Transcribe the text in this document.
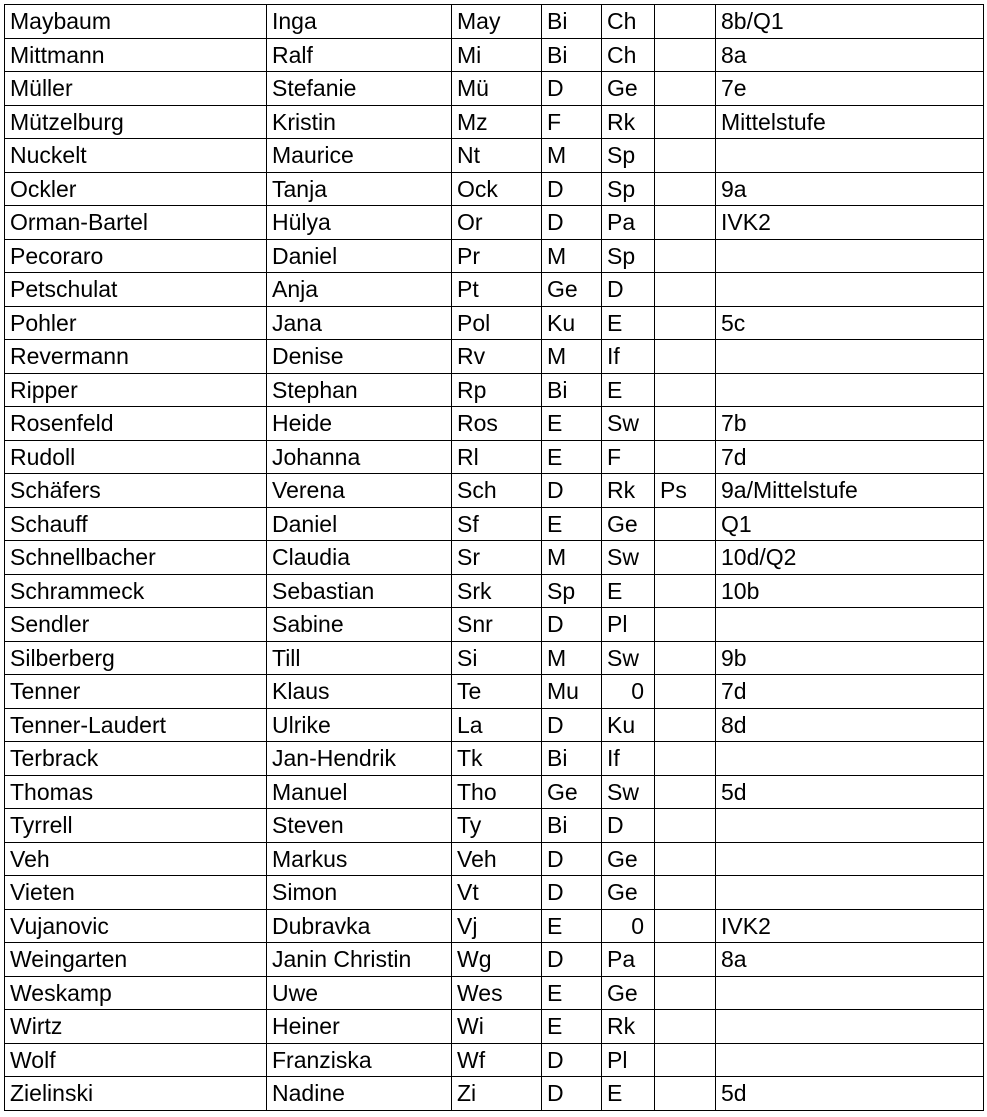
Maybaum	Inga	May	Bi	Ch		8b/Q1
Mittmann	Ralf	Mi	Bi	Ch		8a
Müller	Stefanie	Mü	D	Ge		7e
Mützelburg	Kristin	Mz	F	Rk		Mittelstufe
Nuckelt	Maurice	Nt	M	Sp		
Ockler	Tanja	Ock	D	Sp		9a
Orman-Bartel	Hülya	Or	D	Pa		IVK2
Pecoraro	Daniel	Pr	M	Sp		
Petschulat	Anja	Pt	Ge	D		
Pohler	Jana	Pol	Ku	E		5c
Revermann	Denise	Rv	M	If		
Ripper	Stephan	Rp	Bi	E		
Rosenfeld	Heide	Ros	E	Sw		7b
Rudoll	Johanna	Rl	E	F		7d
Schäfers	Verena	Sch	D	Rk	Ps	9a/Mittelstufe
Schauff	Daniel	Sf	E	Ge		Q1
Schnellbacher	Claudia	Sr	M	Sw		10d/Q2
Schrammeck	Sebastian	Srk	Sp	E		10b
Sendler	Sabine	Snr	D	Pl		
Silberberg	Till	Si	M	Sw		9b
Tenner	Klaus	Te	Mu	0		7d
Tenner-Laudert	Ulrike	La	D	Ku		8d
Terbrack	Jan-Hendrik	Tk	Bi	If		
Thomas	Manuel	Tho	Ge	Sw		5d
Tyrrell	Steven	Ty	Bi	D		
Veh	Markus	Veh	D	Ge		
Vieten	Simon	Vt	D	Ge		
Vujanovic	Dubravka	Vj	E	0		IVK2
Weingarten	Janin Christin	Wg	D	Pa		8a
Weskamp	Uwe	Wes	E	Ge		
Wirtz	Heiner	Wi	E	Rk		
Wolf	Franziska	Wf	D	Pl		
Zielinski	Nadine	Zi	D	E		5d
